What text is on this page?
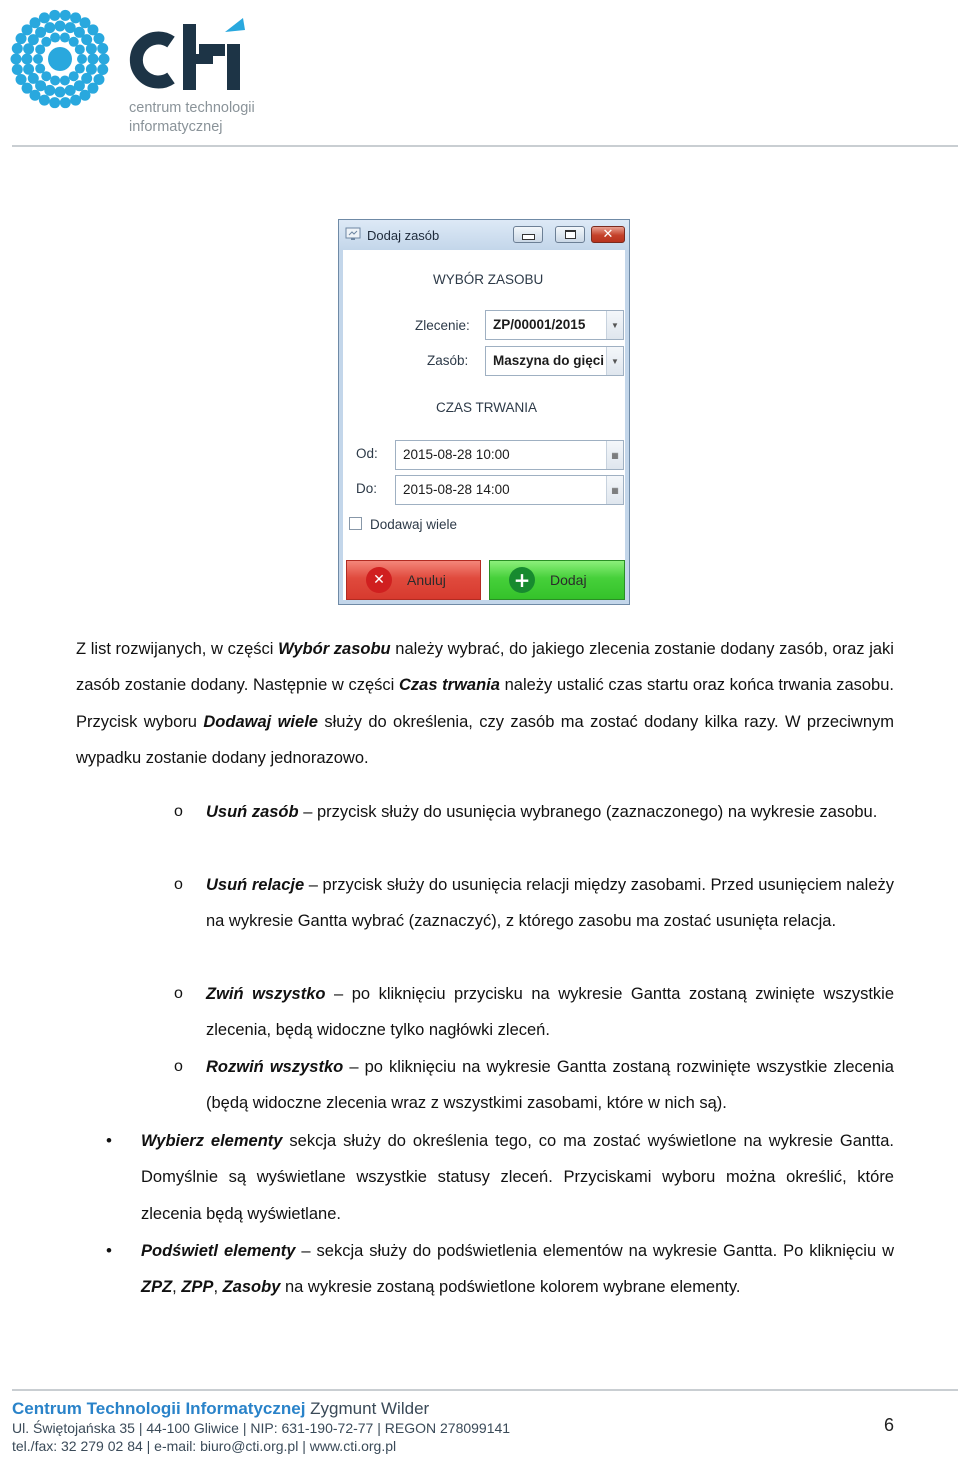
centrum technologii
informatycznej
Dodaj zasób	✕
WYBÓR ZASOBU
Zlecenie: ZP/00001/2015	▼
Zasób: Maszyna do gięci ▼
CZAS TRWANIA
Od: 2015-08-28 10:00	▦
Do: 2015-08-28 14:00	▦
Dodawaj wiele
✕	Anuluj	+	Dodaj
Z list rozwijanych, w części Wybór zasobu należy wybrać, do jakiego zlecenia zostanie dodany zasób, oraz jaki zasób zostanie dodany. Następnie w części Czas trwania należy ustalić czas startu oraz końca trwania zasobu. Przycisk wyboru Dodawaj wiele służy do określenia, czy zasób ma zostać dodany kilka razy. W przeciwnym wypadku zostanie dodany jednorazowo.
o Usuń zasób – przycisk służy do usunięcia wybranego (zaznaczonego) na wykresie zasobu.
o Usuń relacje – przycisk służy do usunięcia relacji między zasobami. Przed usunięciem należy na wykresie Gantta wybrać (zaznaczyć), z którego zasobu ma zostać usunięta relacja.
o Zwiń wszystko – po kliknięciu przycisku na wykresie Gantta zostaną zwinięte wszystkie zlecenia, będą widoczne tylko nagłówki zleceń.
o Rozwiń wszystko – po kliknięciu na wykresie Gantta zostaną rozwinięte wszystkie zlecenia (będą widoczne zlecenia wraz z wszystkimi zasobami, które w nich są).
• Wybierz elementy sekcja służy do określenia tego, co ma zostać wyświetlone na wykresie Gantta. Domyślnie są wyświetlane wszystkie statusy zleceń. Przyciskami wyboru można określić, które zlecenia będą wyświetlane.
• Podświetl elementy – sekcja służy do podświetlenia elementów na wykresie Gantta. Po kliknięciu w ZPZ, ZPP, Zasoby na wykresie zostaną podświetlone kolorem wybrane elementy.
Centrum Technologii Informatycznej Zygmunt Wilder
Ul. Świętojańska 35 | 44-100 Gliwice | NIP: 631-190-72-77 | REGON 278099141
tel./fax: 32 279 02 84 | e-mail: biuro@cti.org.pl | www.cti.org.pl
6
